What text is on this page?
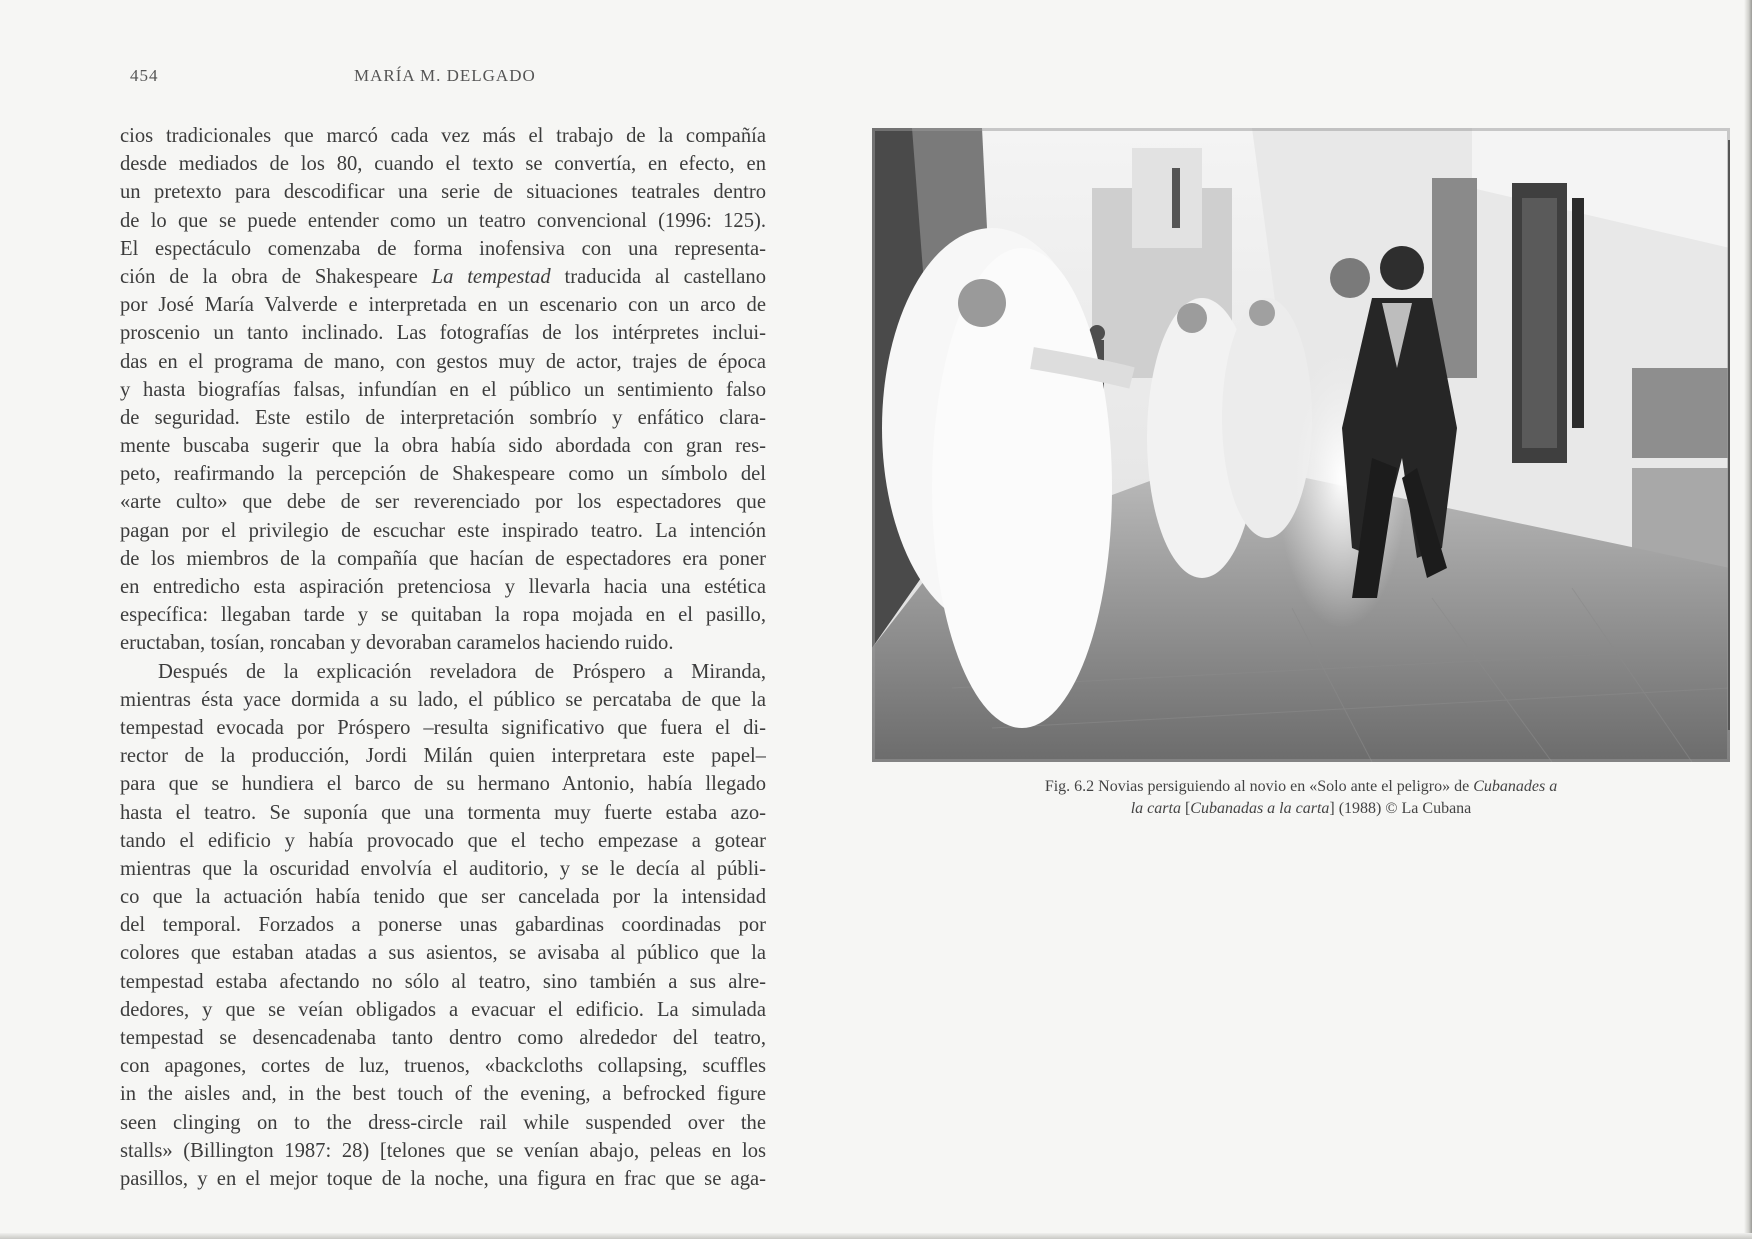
454	MARÍA M. DELGADO
cios tradicionales que marcó cada vez más el trabajo de la compañía
desde mediados de los 80, cuando el texto se convertía, en efecto, en
un pretexto para descodificar una serie de situaciones teatrales dentro
de lo que se puede entender como un teatro convencional (1996: 125).
El espectáculo comenzaba de forma inofensiva con una representa-
ción de la obra de Shakespeare La tempestad traducida al castellano
por José María Valverde e interpretada en un escenario con un arco de
proscenio un tanto inclinado. Las fotografías de los intérpretes inclui-
das en el programa de mano, con gestos muy de actor, trajes de época
y hasta biografías falsas, infundían en el público un sentimiento falso
de seguridad. Este estilo de interpretación sombrío y enfático clara-
mente buscaba sugerir que la obra había sido abordada con gran res-
peto, reafirmando la percepción de Shakespeare como un símbolo del
«arte culto» que debe de ser reverenciado por los espectadores que
pagan por el privilegio de escuchar este inspirado teatro. La intención
de los miembros de la compañía que hacían de espectadores era poner
en entredicho esta aspiración pretenciosa y llevarla hacia una estética
específica: llegaban tarde y se quitaban la ropa mojada en el pasillo,
eructaban, tosían, roncaban y devoraban caramelos haciendo ruido.
Después de la explicación reveladora de Próspero a Miranda,
mientras ésta yace dormida a su lado, el público se percataba de que la
tempestad evocada por Próspero –resulta significativo que fuera el di-
rector de la producción, Jordi Milán quien interpretara este papel–
para que se hundiera el barco de su hermano Antonio, había llegado
hasta el teatro. Se suponía que una tormenta muy fuerte estaba azo-
tando el edificio y había provocado que el techo empezase a gotear
mientras que la oscuridad envolvía el auditorio, y se le decía al públi-
co que la actuación había tenido que ser cancelada por la intensidad
del temporal. Forzados a ponerse unas gabardinas coordinadas por
colores que estaban atadas a sus asientos, se avisaba al público que la
tempestad estaba afectando no sólo al teatro, sino también a sus alre-
dedores, y que se veían obligados a evacuar el edificio. La simulada
tempestad se desencadenaba tanto dentro como alrededor del teatro,
con apagones, cortes de luz, truenos, «backcloths collapsing, scuffles
in the aisles and, in the best touch of the evening, a befrocked figure
seen clinging on to the dress-circle rail while suspended over the
stalls» (Billington 1987: 28) [telones que se venían abajo, peleas en los
pasillos, y en el mejor toque de la noche, una figura en frac que se aga-
Fig. 6.2 Novias persiguiendo al novio en «Solo ante el peligro» de Cubanades a
la carta [Cubanadas a la carta] (1988) © La Cubana
